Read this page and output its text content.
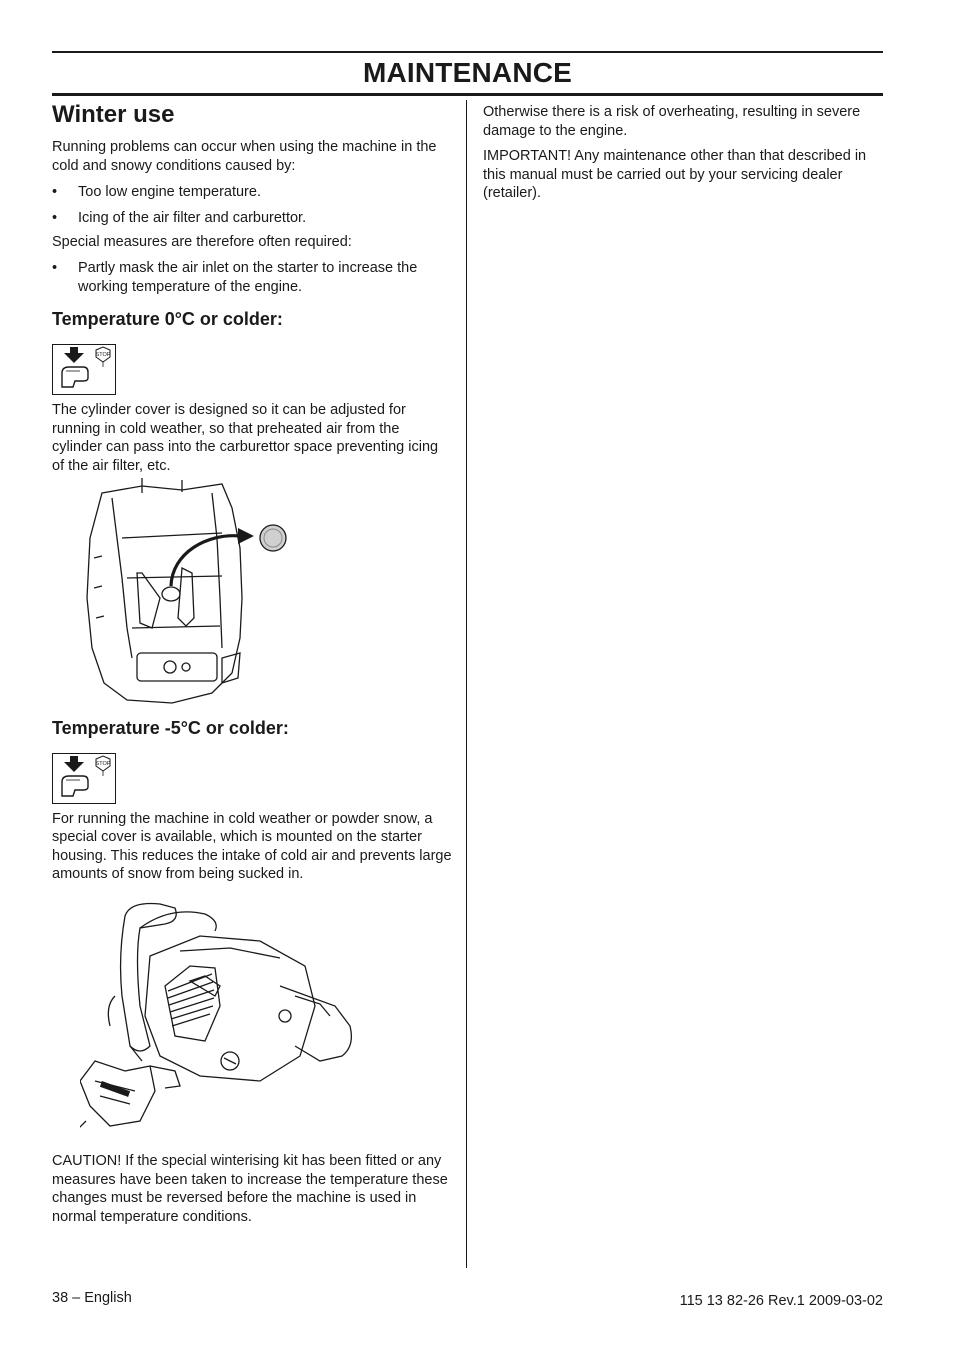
MAINTENANCE
Winter use

Running problems can occur when using the machine in the cold and snowy conditions caused by:

•	Too low engine temperature.
•	Icing of the air filter and carburettor.

Special measures are therefore often required:

•	Partly mask the air inlet on the starter to increase the working temperature of the engine.
Temperature 0°C or colder:
STOP

The cylinder cover is designed so it can be adjusted for running in cold weather, so that preheated air from the cylinder can pass into the carburettor space preventing icing of the air filter, etc.

Temperature -5°C or colder:
STOP

For running the machine in cold weather or powder snow, a special cover is available, which is mounted on the starter housing. This reduces the intake of cold air and prevents large amounts of snow from being sucked in.

CAUTION! If the special winterising kit has been fitted or any measures have been taken to increase the temperature these changes must be reversed before the machine is used in normal temperature conditions.

Otherwise there is a risk of overheating, resulting in severe damage to the engine.

IMPORTANT! Any maintenance other than that described in this manual must be carried out by your servicing dealer (retailer).

38 – English	115 13 82-26 Rev.1 2009-03-02
